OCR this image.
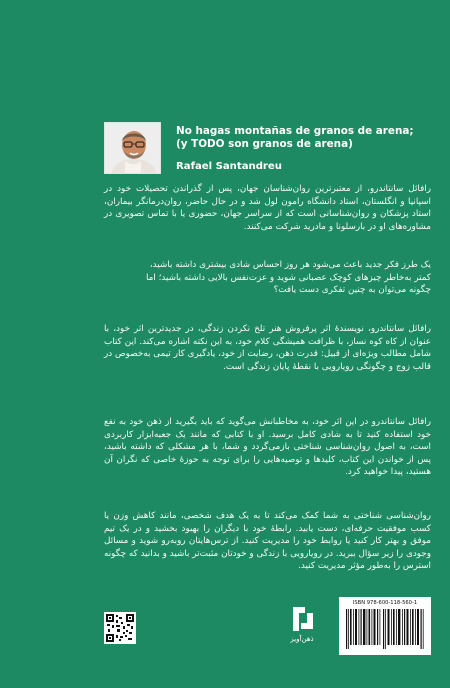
No hagas montañas de granos de arena;
(y TODO son granos de arena)
Rafael Santandreu
رافائل سانتاندرو، از معتبرترین روان‌شناسان جهان، پس از گذراندن تحصیلات خود در اسپانیا و انگلستان، استاد دانشگاه رامون لول شد و در حال حاضر، روان‌درمانگر بیماران، استاد پزشکان و روان‌شناسانی است که از سراسر جهان، حضوری یا با تماس تصویری در مشاوره‌های او در بارسلونا و مادرید شرکت می‌کنند.
یک طرز فکر جدید باعث می‌شود هر روز احساس شادی بیشتری داشته باشید،
کمتر به‌خاطر چیزهای کوچک عصبانی شوید و عزت‌نفس بالایی داشته باشید؛ اما
چگونه می‌توان به چنین تفکری دست یافت؟
رافائل سانتاندرو، نویسندۀ اثر پرفروش هنر تلخ نکردن زندگی، در جدیدترین اثر خود، با عنوان از کاه کوه نساز، با ظرافت همیشگی کلام خود، به این نکته اشاره می‌کند. این کتاب شامل مطالب ویژه‌ای از قبیل: قدرت ذهن، رضایت از خود، یادگیری کار تیمی به‌خصوص در قالب زوج و چگونگی رویارویی با نقطۀ پایان زندگی است.
رافائل سانتاندرو در این اثر خود، به مخاطبانش می‌گوید که باید بگیرید از ذهن خود به نفع خود استفاده کنید تا به شادی کامل برسید. او با کتابی که مانند یک جعبه‌ابزار کاربردی است، به اصول روان‌شناسی شناختی بازمی‌گردد و شما، با هر مشکلی که داشته باشید، پس از خواندن این کتاب، کلیدها و توصیه‌هایی را برای توجه به حوزۀ خاصی که نگران آن هستید، پیدا خواهید کرد.
روان‌شناسی شناختی به شما کمک می‌کند تا به یک هدف شخصی، مانند کاهش وزن یا کسب موفقیت حرفه‌ای، دست یابید. رابطۀ خود با دیگران را بهبود بخشید و در یک تیم موفق و بهتر کار کنید یا روابط خود را مدیریت کنید. از ترس‌هایتان روبه‌رو شوید و مسائل وجودی را زیر سؤال ببرید. در رویارویی با زندگی و خودتان مثبت‌تر باشید و بدانید که چگونه استرس را به‌طور مؤثر مدیریت کنید.
ذهن‌آویز
ISBN 978-600-118-560-1
